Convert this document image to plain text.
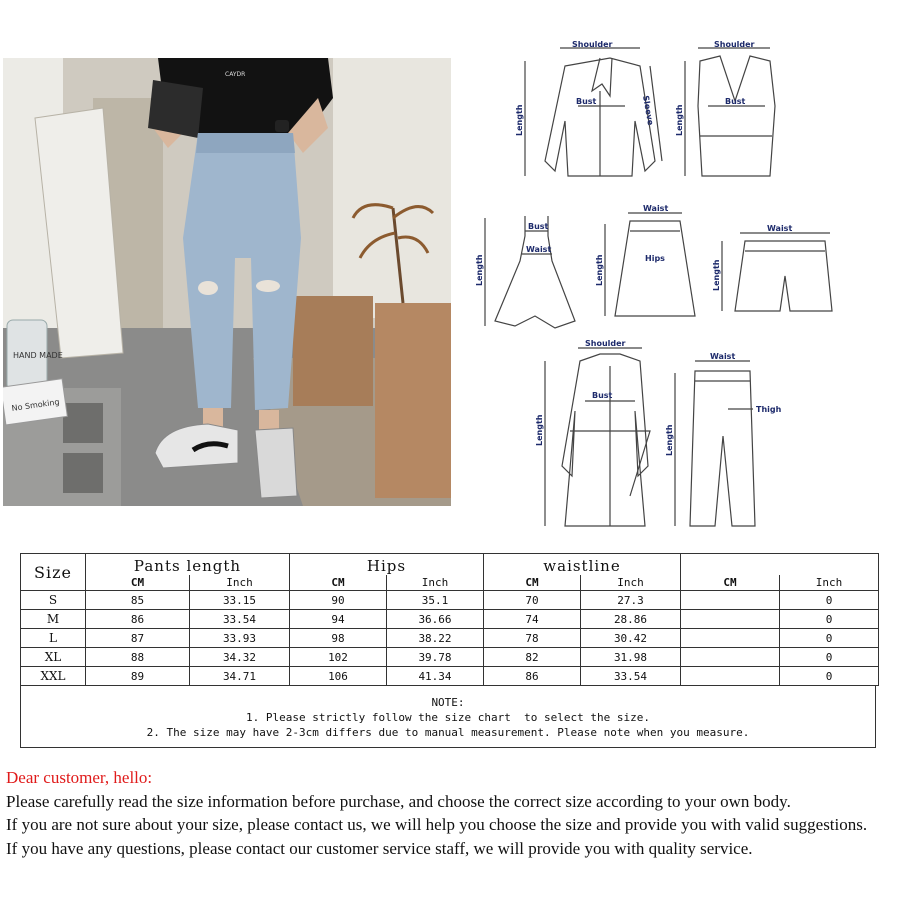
HAND MADE
No Smoking
CAYDR
Shoulder
Bust	Sleeve
Length
Shoulder
Bust
Length
Bust
Waist
Length
Waist
Hips
Length
Waist
Length
Shoulder
Bust
Length
Waist
Thigh
Length
Size	Pants length		Hips		waistline			
	CM	Inch	CM	Inch	CM	Inch	CM	Inch
S	85	33.15	90	35.1	70	27.3		0
M	86	33.54	94	36.66	74	28.86		0
L	87	33.93	98	38.22	78	30.42		0
XL	88	34.32	102	39.78	82	31.98		0
XXL	89	34.71	106	41.34	86	33.54		0
NOTE:
1. Please strictly follow the size chart  to select the size.
2. The size may have 2-3cm differs due to manual measurement. Please note when you measure.

Dear customer, hello:

Please carefully read the size information before purchase, and choose the correct size according to your own body.

If you are not sure about your size, please contact us, we will help you choose the size and provide you with valid suggestions.

If you have any questions, please contact our customer service staff, we will provide you with quality service.
